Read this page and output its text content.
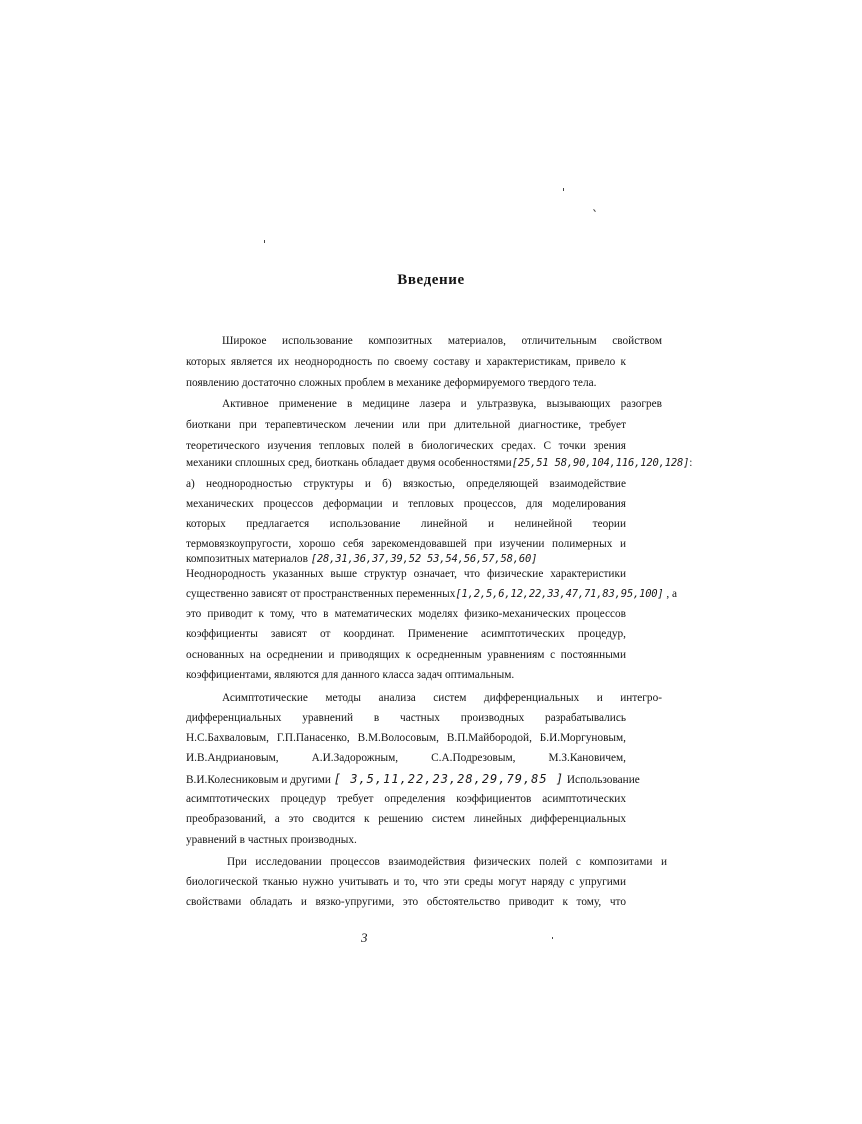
Введение
Широкое использование композитных материалов, отличительным свойством
которых является их неоднородность по своему составу и характеристикам, привело к
появлению достаточно сложных проблем в механике деформируемого твердого тела.
Активное применение в медицине лазера и ультразвука, вызывающих разогрев
биоткани при терапевтическом лечении или при длительной диагностике, требует
теоретического изучения тепловых полей в биологических средах. С точки зрения
механики сплошных сред, биоткань обладает двумя особенностями[25,51 58,90,104,116,120,128]:
а) неоднородностью структуры и б) вязкостью, определяющей взаимодействие
механических процессов деформации и тепловых процессов, для моделирования
которых предлагается использование линейной и нелинейной теории
термовязкоупругости, хорошо себя зарекомендовавшей при изучении полимерных и
композитных материалов [28,31,36,37,39,52 53,54,56,57,58,60]
Неоднородность указанных выше структур означает, что физические характеристики
существенно зависят от пространственных переменных[1,2,5,6,12,22,33,47,71,83,95,100] , а
это приводит к тому, что в математических моделях физико-механических процессов
коэффициенты зависят от координат. Применение асимптотических процедур,
основанных на осреднении и приводящих к осредненным уравнениям с постоянными
коэффициентами, являются для данного класса задач оптимальным.
Асимптотические методы анализа систем дифференциальных и интегро-
дифференциальных уравнений в частных производных разрабатывались
Н.С.Бахваловым, Г.П.Панасенко, В.М.Волосовым, В.П.Майбородой, Б.И.Моргуновым,
И.В.Андриановым, А.И.Задорожным, С.А.Подрезовым, М.З.Кановичем,
В.И.Колесниковым и другими [ 3,5,11,22,23,28,29,79,85 ] Использование
асимптотических процедур требует определения коэффициентов асимптотических
преобразований, а это сводится к решению систем линейных дифференциальных
уравнений в частных производных.
При исследовании процессов взаимодействия физических полей с композитами и
биологической тканью нужно учитывать и то, что эти среды могут наряду с упругими
свойствами обладать и вязко-упругими, это обстоятельство приводит к тому, что
3
